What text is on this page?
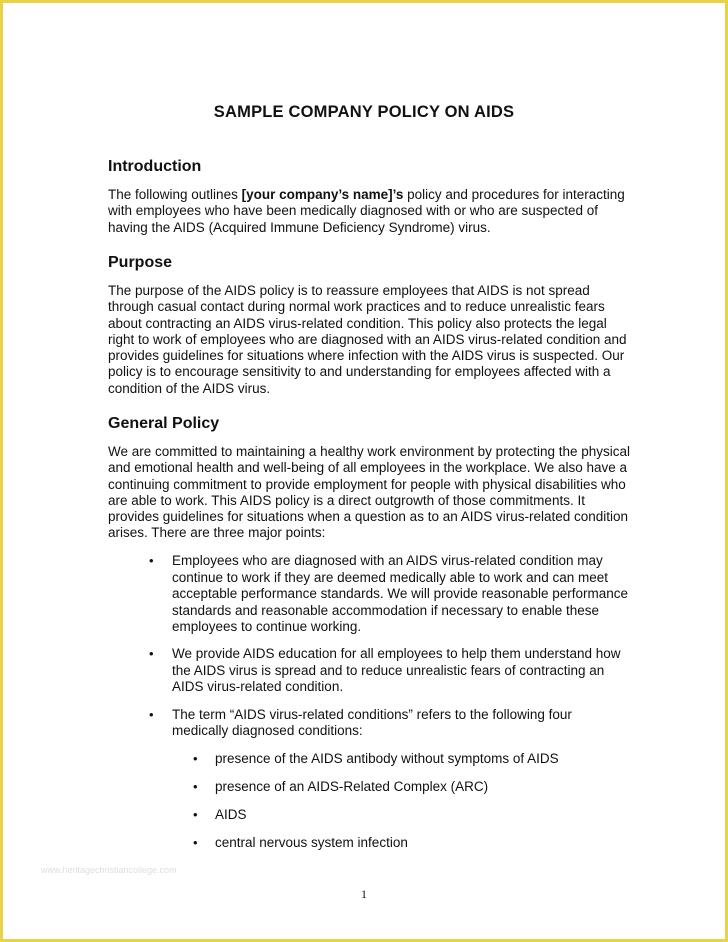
SAMPLE COMPANY POLICY ON AIDS
Introduction

The following outlines [your company’s name]’s policy and procedures for interacting with employees who have been medically diagnosed with or who are suspected of having the AIDS (Acquired Immune Deficiency Syndrome) virus.

Purpose

The purpose of the AIDS policy is to reassure employees that AIDS is not spread through casual contact during normal work practices and to reduce unrealistic fears about contracting an AIDS virus-related condition. This policy also protects the legal right to work of employees who are diagnosed with an AIDS virus-related condition and provides guidelines for situations where infection with the AIDS virus is suspected. Our policy is to encourage sensitivity to and understanding for employees affected with a condition of the AIDS virus.

General Policy

We are committed to maintaining a healthy work environment by protecting the physical and emotional health and well-being of all employees in the workplace. We also have a continuing commitment to provide employment for people with physical disabilities who are able to work. This AIDS policy is a direct outgrowth of those commitments. It provides guidelines for situations when a question as to an AIDS virus-related condition arises. There are three major points:

• Employees who are diagnosed with an AIDS virus-related condition may continue to work if they are deemed medically able to work and can meet acceptable performance standards. We will provide reasonable performance standards and reasonable accommodation if necessary to enable these employees to continue working.
• We provide AIDS education for all employees to help them understand how the AIDS virus is spread and to reduce unrealistic fears of contracting an AIDS virus-related condition.
• The term “AIDS virus-related conditions” refers to the following four medically diagnosed conditions:
• presence of the AIDS antibody without symptoms of AIDS
• presence of an AIDS-Related Complex (ARC)
• AIDS
• central nervous system infection
www.heritagechristiancollege.com
1
